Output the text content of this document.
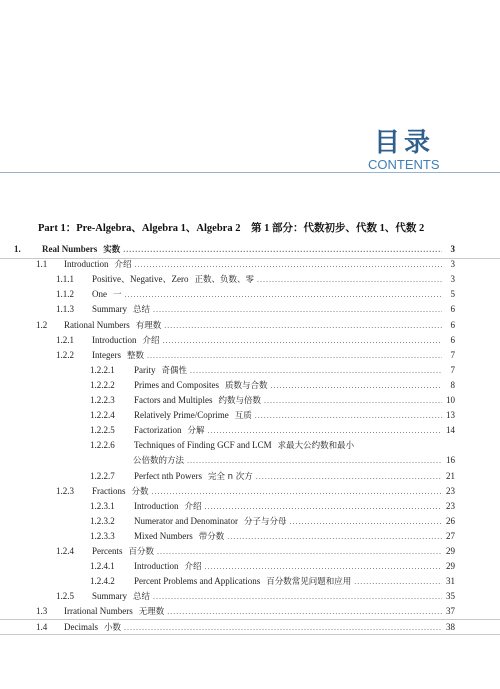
目录
CONTENTS
Part 1：Pre-Algebra、Algebra 1、Algebra 2　第 1 部分：代数初步、代数 1、代数 2
1.	Real Numbers 实数 .....	3
1.1	Introduction 介绍 .....	3
1.1.1	Positive、Negative、Zero 正数、负数、零 .....	3
1.1.2	One 一 .....	5
1.1.3	Summary 总结 .....	6
1.2	Rational Numbers 有理数 .....	6
1.2.1	Introduction 介绍 .....	6
1.2.2	Integers 整数 .....	7
1.2.2.1	Parity 奇偶性 .....	7
1.2.2.2	Primes and Composites 质数与合数 .....	8
1.2.2.3	Factors and Multiples 约数与倍数 .....	10
1.2.2.4	Relatively Prime/Coprime 互质 .....	13
1.2.2.5	Factorization 分解 .....	14
1.2.2.6	Techniques of Finding GCF and LCM 求最大公约数和最小
公倍数的方法 .....	16
1.2.2.7	Perfect nth Powers 完全 n 次方 .....	21
1.2.3	Fractions 分数 .....	23
1.2.3.1	Introduction 介绍 .....	23
1.2.3.2	Numerator and Denominator 分子与分母 .....	26
1.2.3.3	Mixed Numbers 带分数 .....	27
1.2.4	Percents 百分数 .....	29
1.2.4.1	Introduction 介绍 .....	29
1.2.4.2	Percent Problems and Applications 百分数常见问题和应用 .....	31
1.2.5	Summary 总结 .....	35
1.3	Irrational Numbers 无理数 .....	37
1.4	Decimals 小数 .....	38
